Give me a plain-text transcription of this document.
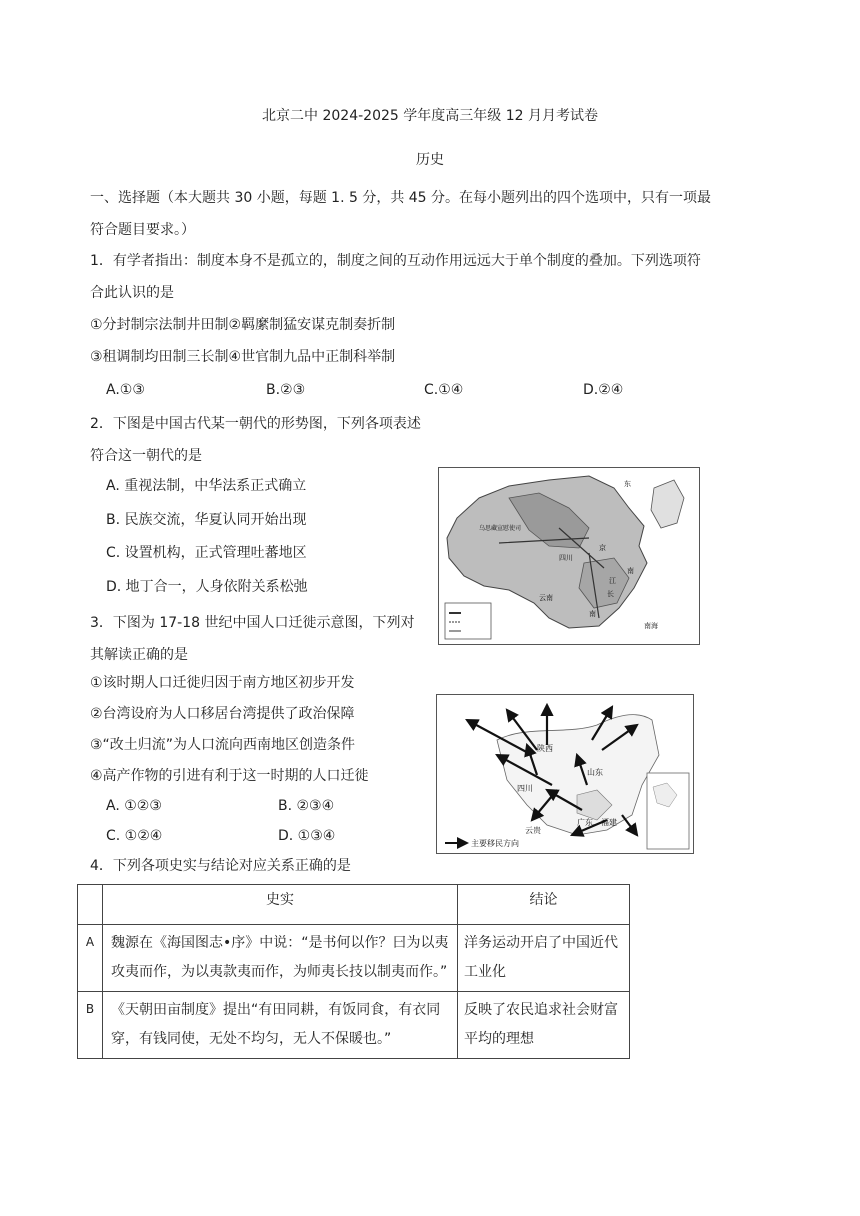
北京二中 2024-2025 学年度高三年级 12 月月考试卷
历史
一、选择题（本大题共 30 小题，每题 1. 5 分，共 45 分。在每小题列出的四个选项中，只有一项最
符合题目要求。）
1．有学者指出：制度本身不是孤立的，制度之间的互动作用远远大于单个制度的叠加。下列选项符
合此认识的是
①分封制宗法制井田制②羁縻制猛安谋克制奏折制
③租调制均田制三长制④世官制九品中正制科举制
A.①③	B.②③	C.①④	D.②④
2．下图是中国古代某一朝代的形势图，下列各项表述
符合这一朝代的是
A. 重视法制，中华法系正式确立
B. 民族交流，华夏认同开始出现
C. 设置机构，正式管理吐蕃地区
D. 地丁合一，人身依附关系松弛
东
南
京
长
四川
江
南
云南
乌思藏宣慰使司
南海
3．下图为 17-18 世纪中国人口迁徙示意图，下列对
其解读正确的是
①该时期人口迁徙归因于南方地区初步开发
②台湾设府为人口移居台湾提供了政治保障
③“改土归流”为人口流向西南地区创造条件
④高产作物的引进有利于这一时期的人口迁徙
A. ①②③	B. ②③④
C. ①②④	D. ①③④
陕西
山东
四川
云贵
广东、福建
主要移民方向
4．下列各项史实与结论对应关系正确的是
	史实	结论
A	魏源在《海国图志•序》中说：“是书何以作？曰为以夷攻夷而作，为以夷款夷而作，为师夷长技以制夷而作。”	洋务运动开启了中国近代工业化
B	《天朝田亩制度》提出“有田同耕，有饭同食，有衣同穿，有钱同使，无处不均匀，无人不保暖也。”	反映了农民追求社会财富平均的理想
